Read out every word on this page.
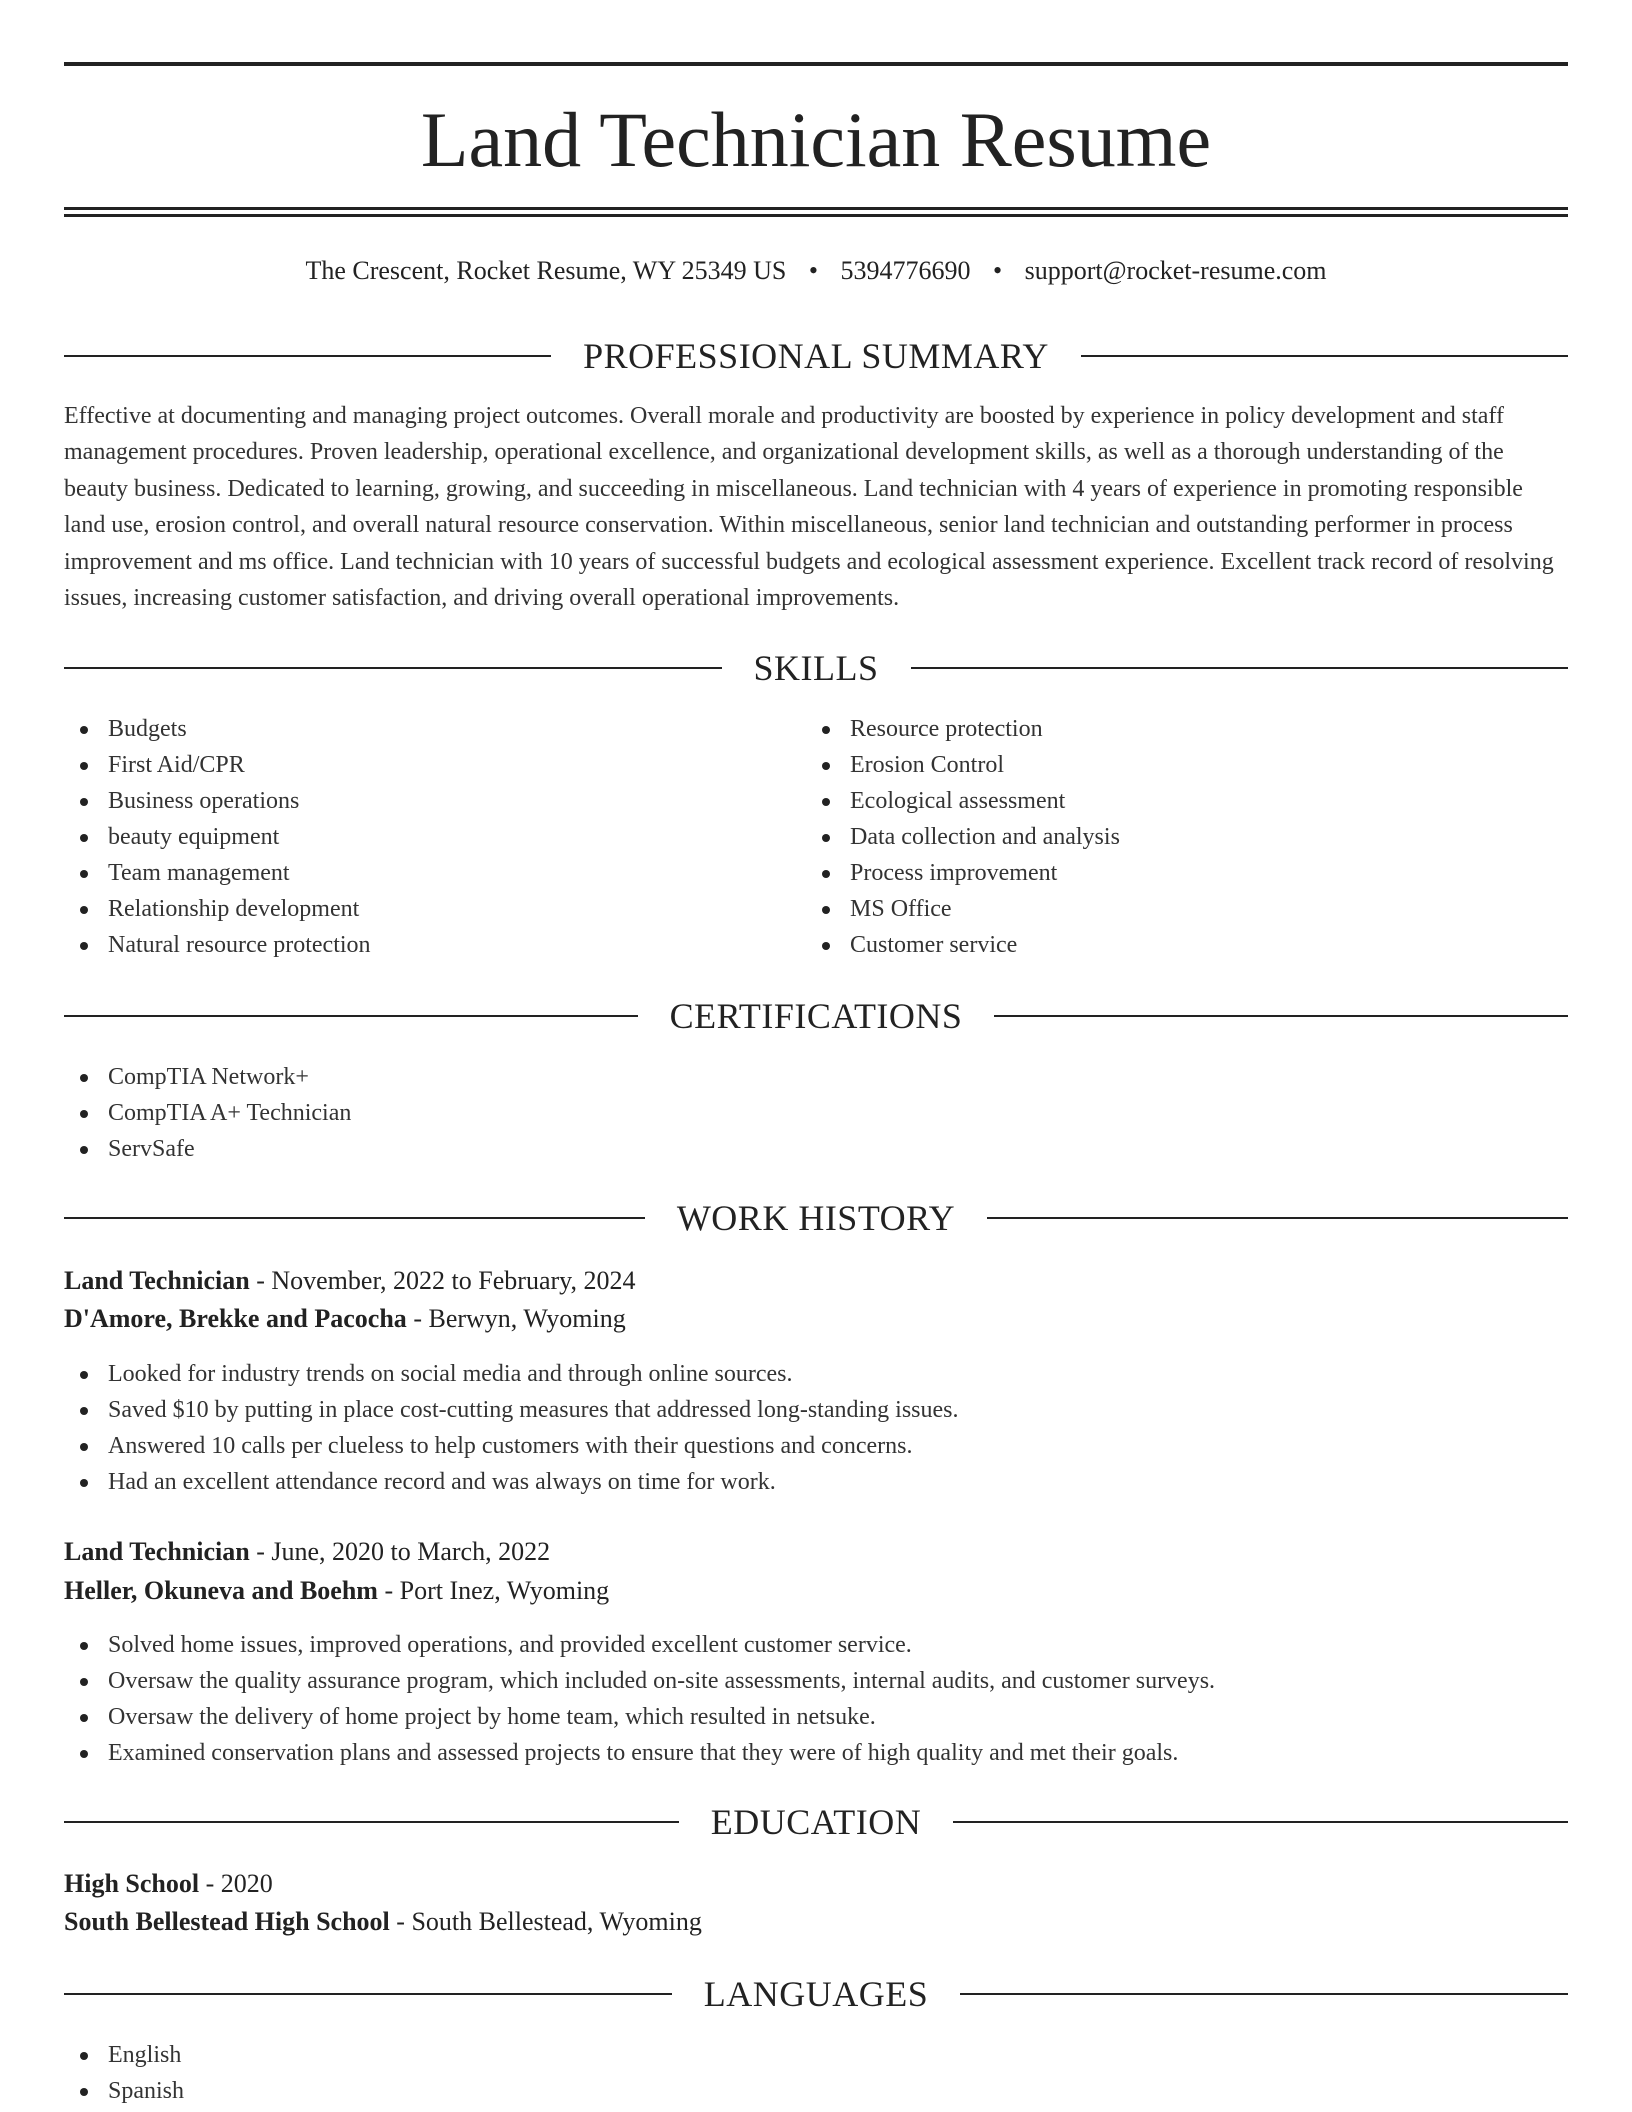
Land Technician Resume
The Crescent, Rocket Resume, WY 25349 US • 5394776690 • support@rocket-resume.com
PROFESSIONAL SUMMARY

Effective at documenting and managing project outcomes. Overall morale and productivity are boosted by experience in policy development and staff management procedures. Proven leadership, operational excellence, and organizational development skills, as well as a thorough understanding of the beauty business. Dedicated to learning, growing, and succeeding in miscellaneous. Land technician with 4 years of experience in promoting responsible land use, erosion control, and overall natural resource conservation. Within miscellaneous, senior land technician and outstanding performer in process improvement and ms office. Land technician with 10 years of successful budgets and ecological assessment experience. Excellent track record of resolving issues, increasing customer satisfaction, and driving overall operational improvements.

SKILLS
Budgets
First Aid/CPR
Business operations
beauty equipment
Team management
Relationship development
Natural resource protection
Resource protection
Erosion Control
Ecological assessment
Data collection and analysis
Process improvement
MS Office
Customer service
CERTIFICATIONS
CompTIA Network+
CompTIA A+ Technician
ServSafe
WORK HISTORY
Land Technician - November, 2022 to February, 2024
D'Amore, Brekke and Pacocha - Berwyn, Wyoming
Looked for industry trends on social media and through online sources.
Saved $10 by putting in place cost-cutting measures that addressed long-standing issues.
Answered 10 calls per clueless to help customers with their questions and concerns.
Had an excellent attendance record and was always on time for work.
Land Technician - June, 2020 to March, 2022
Heller, Okuneva and Boehm - Port Inez, Wyoming
Solved home issues, improved operations, and provided excellent customer service.
Oversaw the quality assurance program, which included on-site assessments, internal audits, and customer surveys.
Oversaw the delivery of home project by home team, which resulted in netsuke.
Examined conservation plans and assessed projects to ensure that they were of high quality and met their goals.
EDUCATION
High School - 2020
South Bellestead High School - South Bellestead, Wyoming
LANGUAGES
English
Spanish
